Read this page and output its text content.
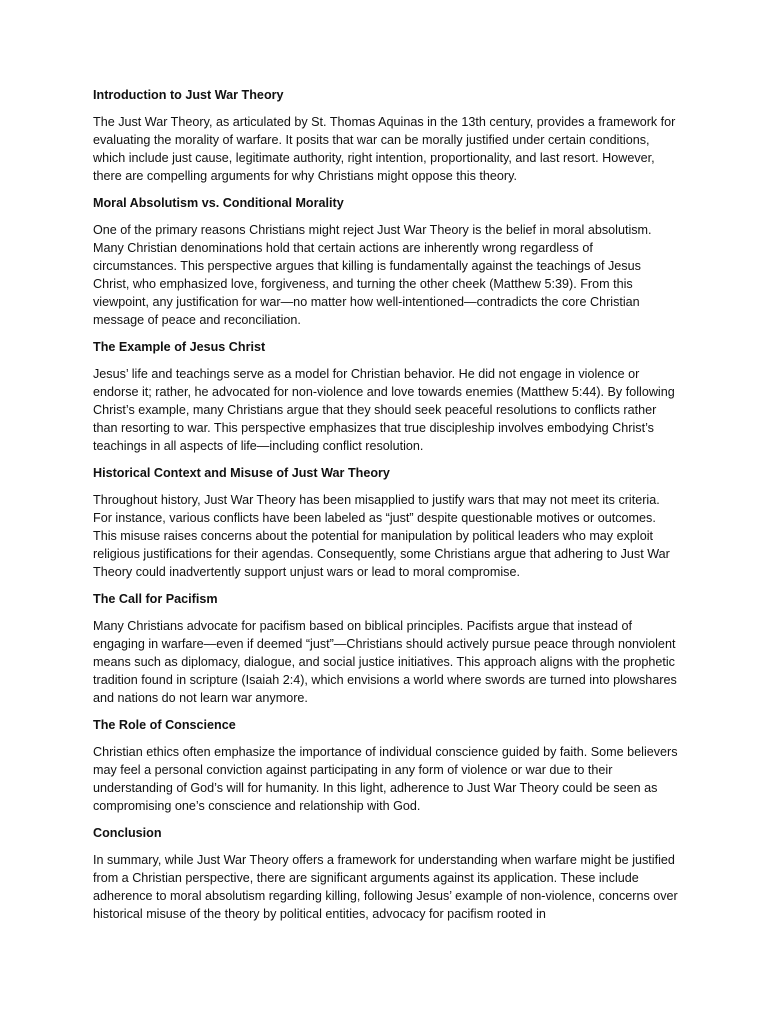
Introduction to Just War Theory

The Just War Theory, as articulated by St. Thomas Aquinas in the 13th century, provides a framework for evaluating the morality of warfare. It posits that war can be morally justified under certain conditions, which include just cause, legitimate authority, right intention, proportionality, and last resort. However, there are compelling arguments for why Christians might oppose this theory.

Moral Absolutism vs. Conditional Morality

One of the primary reasons Christians might reject Just War Theory is the belief in moral absolutism. Many Christian denominations hold that certain actions are inherently wrong regardless of circumstances. This perspective argues that killing is fundamentally against the teachings of Jesus Christ, who emphasized love, forgiveness, and turning the other cheek (Matthew 5:39). From this viewpoint, any justification for war—no matter how well-intentioned—contradicts the core Christian message of peace and reconciliation.

The Example of Jesus Christ

Jesus’ life and teachings serve as a model for Christian behavior. He did not engage in violence or endorse it; rather, he advocated for non-violence and love towards enemies (Matthew 5:44). By following Christ’s example, many Christians argue that they should seek peaceful resolutions to conflicts rather than resorting to war. This perspective emphasizes that true discipleship involves embodying Christ’s teachings in all aspects of life—including conflict resolution.

Historical Context and Misuse of Just War Theory

Throughout history, Just War Theory has been misapplied to justify wars that may not meet its criteria. For instance, various conflicts have been labeled as “just” despite questionable motives or outcomes. This misuse raises concerns about the potential for manipulation by political leaders who may exploit religious justifications for their agendas. Consequently, some Christians argue that adhering to Just War Theory could inadvertently support unjust wars or lead to moral compromise.

The Call for Pacifism

Many Christians advocate for pacifism based on biblical principles. Pacifists argue that instead of engaging in warfare—even if deemed “just”—Christians should actively pursue peace through nonviolent means such as diplomacy, dialogue, and social justice initiatives. This approach aligns with the prophetic tradition found in scripture (Isaiah 2:4), which envisions a world where swords are turned into plowshares and nations do not learn war anymore.

The Role of Conscience

Christian ethics often emphasize the importance of individual conscience guided by faith. Some believers may feel a personal conviction against participating in any form of violence or war due to their understanding of God’s will for humanity. In this light, adherence to Just War Theory could be seen as compromising one’s conscience and relationship with God.

Conclusion

In summary, while Just War Theory offers a framework for understanding when warfare might be justified from a Christian perspective, there are significant arguments against its application. These include adherence to moral absolutism regarding killing, following Jesus’ example of non-violence, concerns over historical misuse of the theory by political entities, advocacy for pacifism rooted in
